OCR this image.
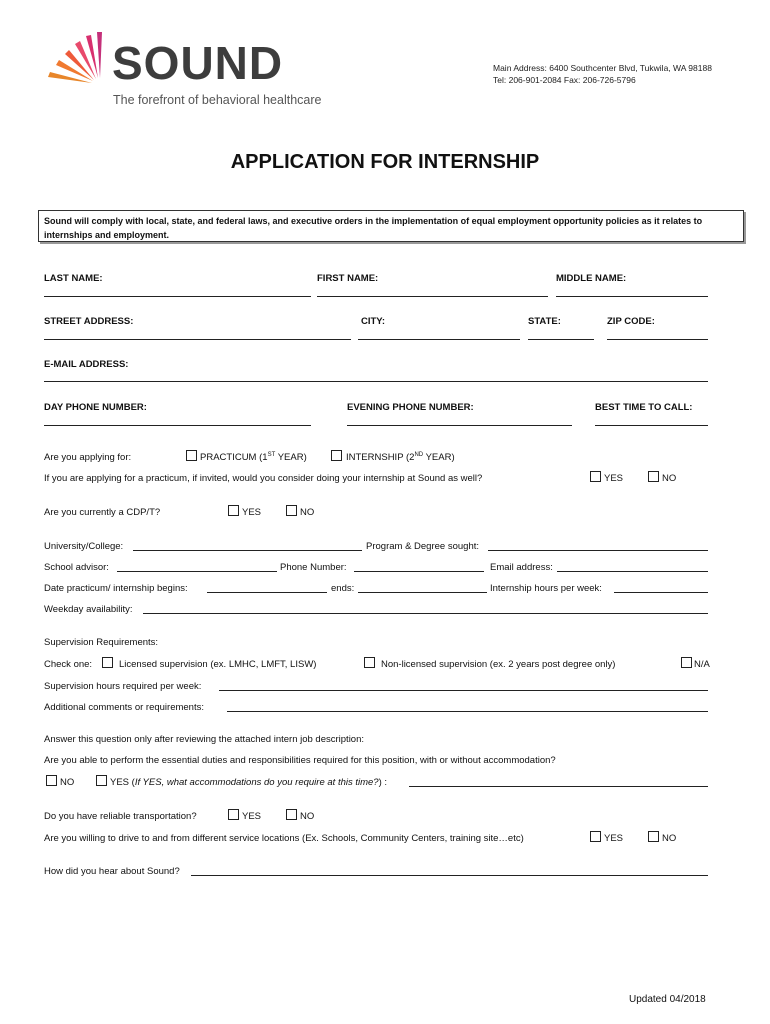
SOUND
The forefront of behavioral healthcare
Main Address: 6400 Southcenter Blvd, Tukwila, WA 98188
Tel: 206-901-2084 Fax: 206-726-5796
APPLICATION FOR INTERNSHIP
Sound will comply with local, state, and federal laws, and executive orders in the implementation of equal employment opportunity policies as it relates to internships and employment.
LAST NAME:	FIRST NAME:	MIDDLE NAME:
STREET ADDRESS:	CITY:	STATE:	ZIP CODE:
E-MAIL ADDRESS:
DAY PHONE NUMBER:	EVENING PHONE NUMBER:	BEST TIME TO CALL:
Are you applying for:	PRACTICUM (1ST YEAR)	INTERNSHIP (2ND YEAR)
If you are applying for a practicum, if invited, would you consider doing your internship at Sound as well?	YES	NO
Are you currently a CDP/T?	YES	NO
University/College:	Program & Degree sought:
School advisor:	Phone Number:	Email address:
Date practicum/ internship begins:	ends:	Internship hours per week:
Weekday availability:
Supervision Requirements:
Check one:	Licensed supervision (ex. LMHC, LMFT, LISW)	Non-licensed supervision (ex. 2 years post degree only)	N/A
Supervision hours required per week:
Additional comments or requirements:
Answer this question only after reviewing the attached intern job description:
Are you able to perform the essential duties and responsibilities required for this position, with or without accommodation?
NO	YES (If YES, what accommodations do you require at this time?) :
Do you have reliable transportation?	YES	NO
Are you willing to drive to and from different service locations (Ex. Schools, Community Centers, training site…etc)	YES	NO
How did you hear about Sound?
Updated 04/2018
